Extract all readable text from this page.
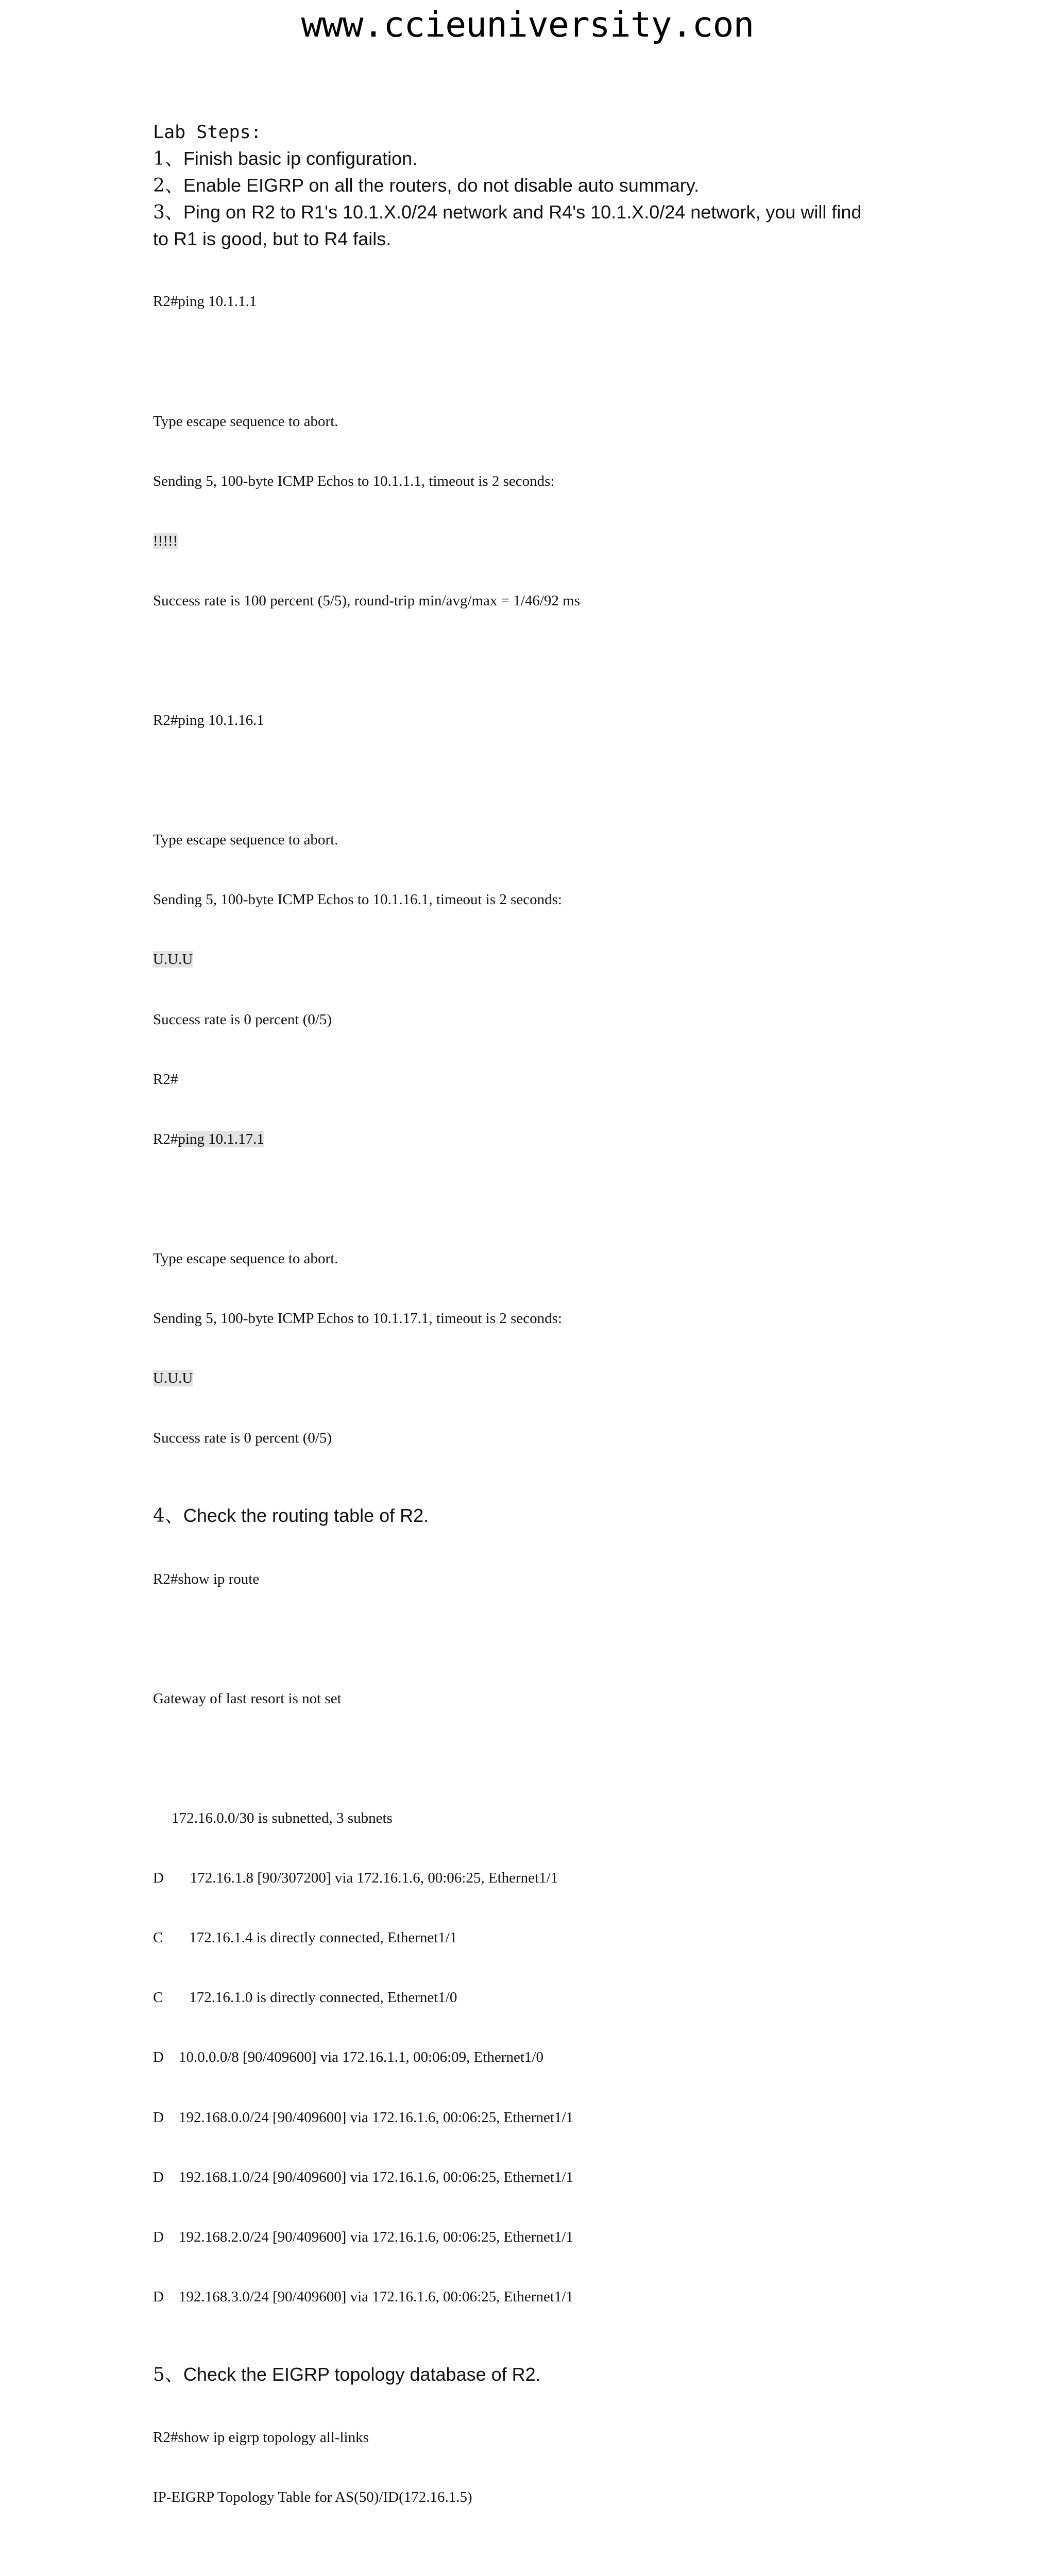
www.ccieuniversity.con
Lab Steps:

1、Finish basic ip configuration.

2、Enable EIGRP on all the routers, do not disable auto summary.

3、Ping on R2 to R1's 10.1.X.0/24 network and R4's 10.1.X.0/24 network, you will find

to R1 is good, but to R4 fails.

R2#ping 10.1.1.1

Type escape sequence to abort.

Sending 5, 100-byte ICMP Echos to 10.1.1.1, timeout is 2 seconds:

!!!!!

Success rate is 100 percent (5/5), round-trip min/avg/max = 1/46/92 ms

R2#ping 10.1.16.1

Type escape sequence to abort.

Sending 5, 100-byte ICMP Echos to 10.1.16.1, timeout is 2 seconds:

U.U.U

Success rate is 0 percent (0/5)

R2#

R2#ping 10.1.17.1

Type escape sequence to abort.

Sending 5, 100-byte ICMP Echos to 10.1.17.1, timeout is 2 seconds:

U.U.U

Success rate is 0 percent (0/5)

4、Check the routing table of R2.

R2#show ip route

Gateway of last resort is not set

172.16.0.0/30 is subnetted, 3 subnets

D       172.16.1.8 [90/307200] via 172.16.1.6, 00:06:25, Ethernet1/1

C       172.16.1.4 is directly connected, Ethernet1/1

C       172.16.1.0 is directly connected, Ethernet1/0

D    10.0.0.0/8 [90/409600] via 172.16.1.1, 00:06:09, Ethernet1/0

D    192.168.0.0/24 [90/409600] via 172.16.1.6, 00:06:25, Ethernet1/1

D    192.168.1.0/24 [90/409600] via 172.16.1.6, 00:06:25, Ethernet1/1

D    192.168.2.0/24 [90/409600] via 172.16.1.6, 00:06:25, Ethernet1/1

D    192.168.3.0/24 [90/409600] via 172.16.1.6, 00:06:25, Ethernet1/1

5、Check the EIGRP topology database of R2.

R2#show ip eigrp topology all-links

IP-EIGRP Topology Table for AS(50)/ID(172.16.1.5)
